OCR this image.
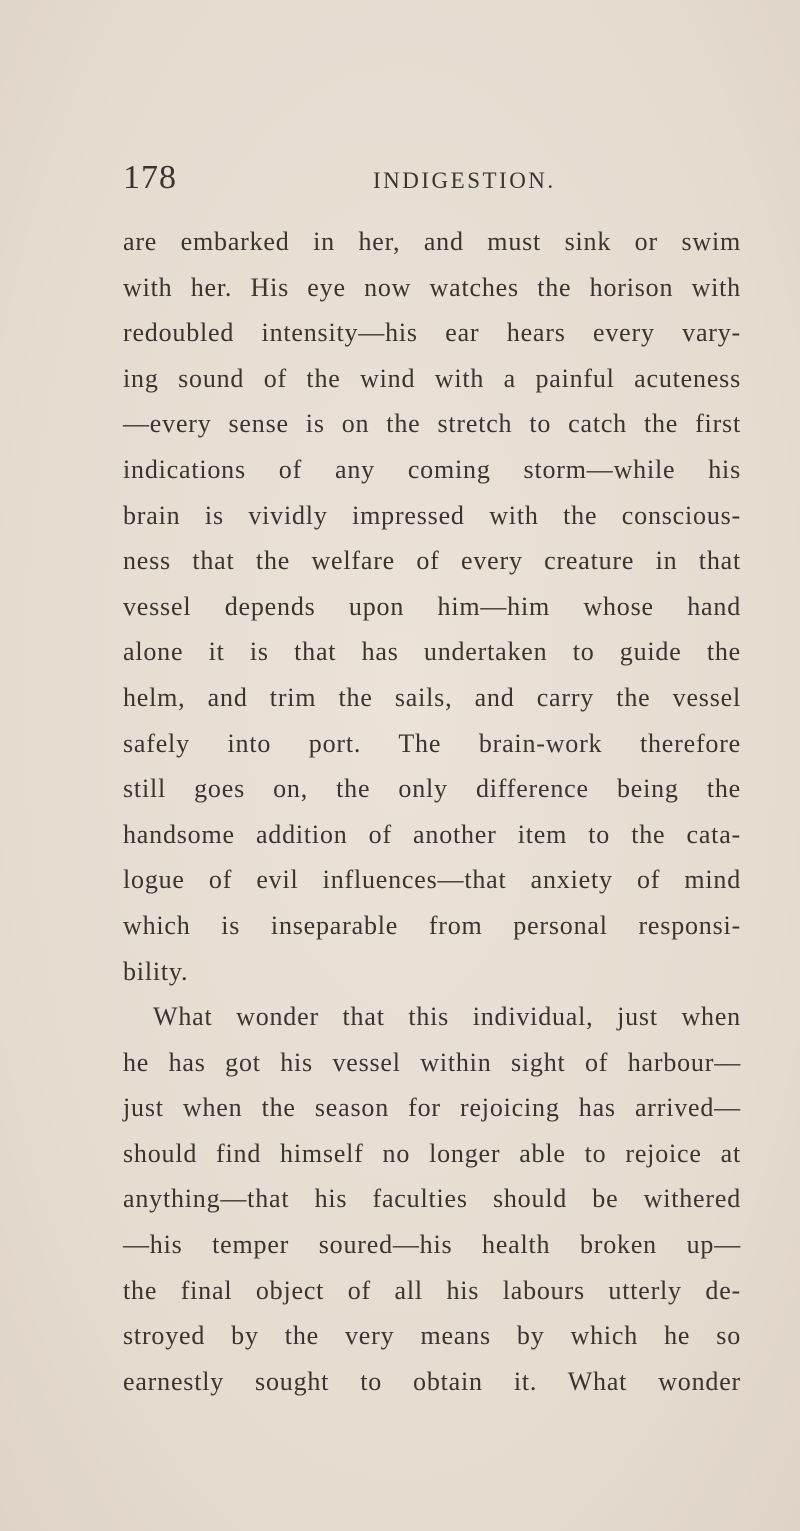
178	INDIGESTION.
are embarked in her, and must sink or swim
with her. His eye now watches the horison with
redoubled intensity—his ear hears every vary-
ing sound of the wind with a painful acuteness
—every sense is on the stretch to catch the first
indications of any coming storm—while his
brain is vividly impressed with the conscious-
ness that the welfare of every creature in that
vessel depends upon him—him whose hand
alone it is that has undertaken to guide the
helm, and trim the sails, and carry the vessel
safely into port. The brain-work therefore
still goes on, the only difference being the
handsome addition of another item to the cata-
logue of evil influences—that anxiety of mind
which is inseparable from personal responsi-
bility.
What wonder that this individual, just when
he has got his vessel within sight of harbour—
just when the season for rejoicing has arrived—
should find himself no longer able to rejoice at
anything—that his faculties should be withered
—his temper soured—his health broken up—
the final object of all his labours utterly de-
stroyed by the very means by which he so
earnestly sought to obtain it. What wonder
